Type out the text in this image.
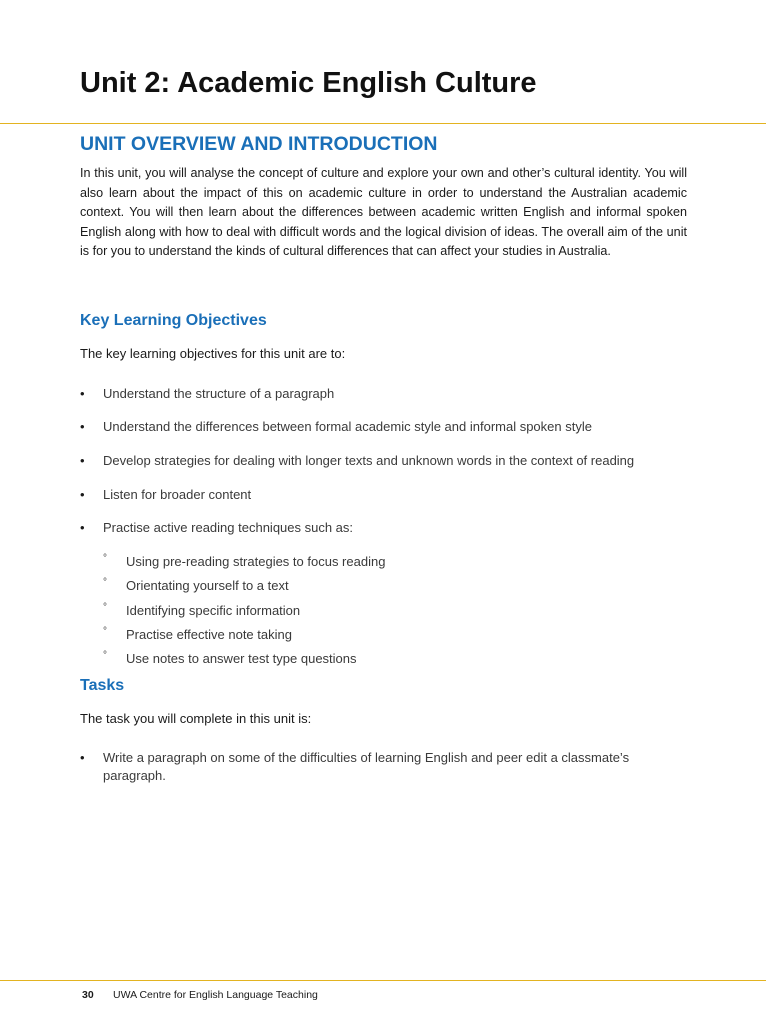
Unit 2: Academic English Culture
UNIT OVERVIEW AND INTRODUCTION

In this unit, you will analyse the concept of culture and explore your own and other’s cultural identity. You will also learn about the impact of this on academic culture in order to understand the Australian academic context. You will then learn about the differences between academic written English and informal spoken English along with how to deal with difficult words and the logical division of ideas. The overall aim of the unit is for you to understand the kinds of cultural differences that can affect your studies in Australia.

Key Learning Objectives

The key learning objectives for this unit are to:

• Understand the structure of a paragraph
• Understand the differences between formal academic style and informal spoken style
• Develop strategies for dealing with longer texts and unknown words in the context of reading
• Listen for broader content
• Practise active reading techniques such as:
° Using pre-reading strategies to focus reading
° Orientating yourself to a text
° Identifying specific information
° Practise effective note taking
° Use notes to answer test type questions
Tasks

The task you will complete in this unit is:

• Write a paragraph on some of the difficulties of learning English and peer edit a classmate’s paragraph.
30 UWA Centre for English Language Teaching
